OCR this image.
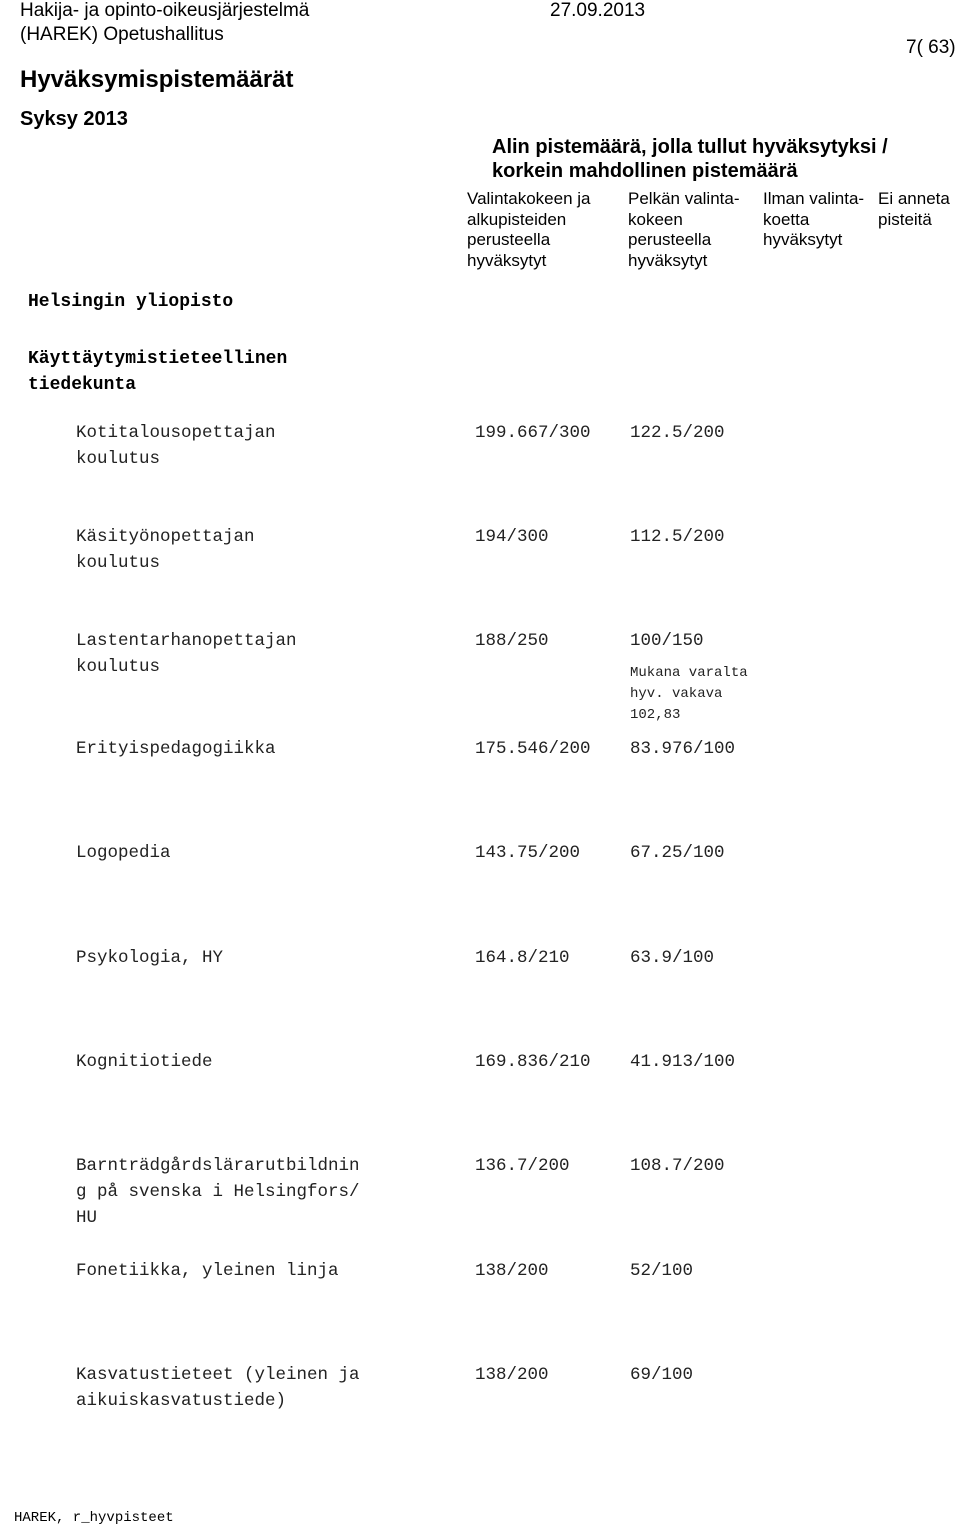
Hakija- ja opinto-oikeusjärjestelmä	27.09.2013
(HAREK) Opetushallitus
7( 63)
Hyväksymispistemäärät
Syksy 2013
Alin pistemäärä, jolla tullut hyväksytyksi / korkein mahdollinen pistemäärä
Valintakokeen ja alkupisteiden perusteella hyväksytyt
Pelkän valinta-kokeen perusteella hyväksytyt
Ilman valinta-koetta hyväksytyt
Ei anneta pisteitä
Helsingin yliopisto
Käyttäytymistieteellinen tiedekunta
Kotitalousopettajan koulutus
199.667/300 122.5/200
Käsityönopettajan koulutus
194/300	112.5/200
Lastentarhanopettajan koulutus
188/250	100/150
Mukana varalta hyv. vakava 102,83
Erityispedagogiikka	175.546/200 83.976/100
Logopedia	143.75/200	67.25/100
Psykologia, HY	164.8/210	63.9/100
Kognitiotiede	169.836/210 41.913/100
Barnträdgårdslärarutbildning på svenska i Helsingfors/HU
136.7/200	108.7/200
Fonetiikka, yleinen linja	138/200	52/100
Kasvatustieteet (yleinen ja aikuiskasvatustiede)
138/200	69/100
HAREK, r_hyvpisteet
